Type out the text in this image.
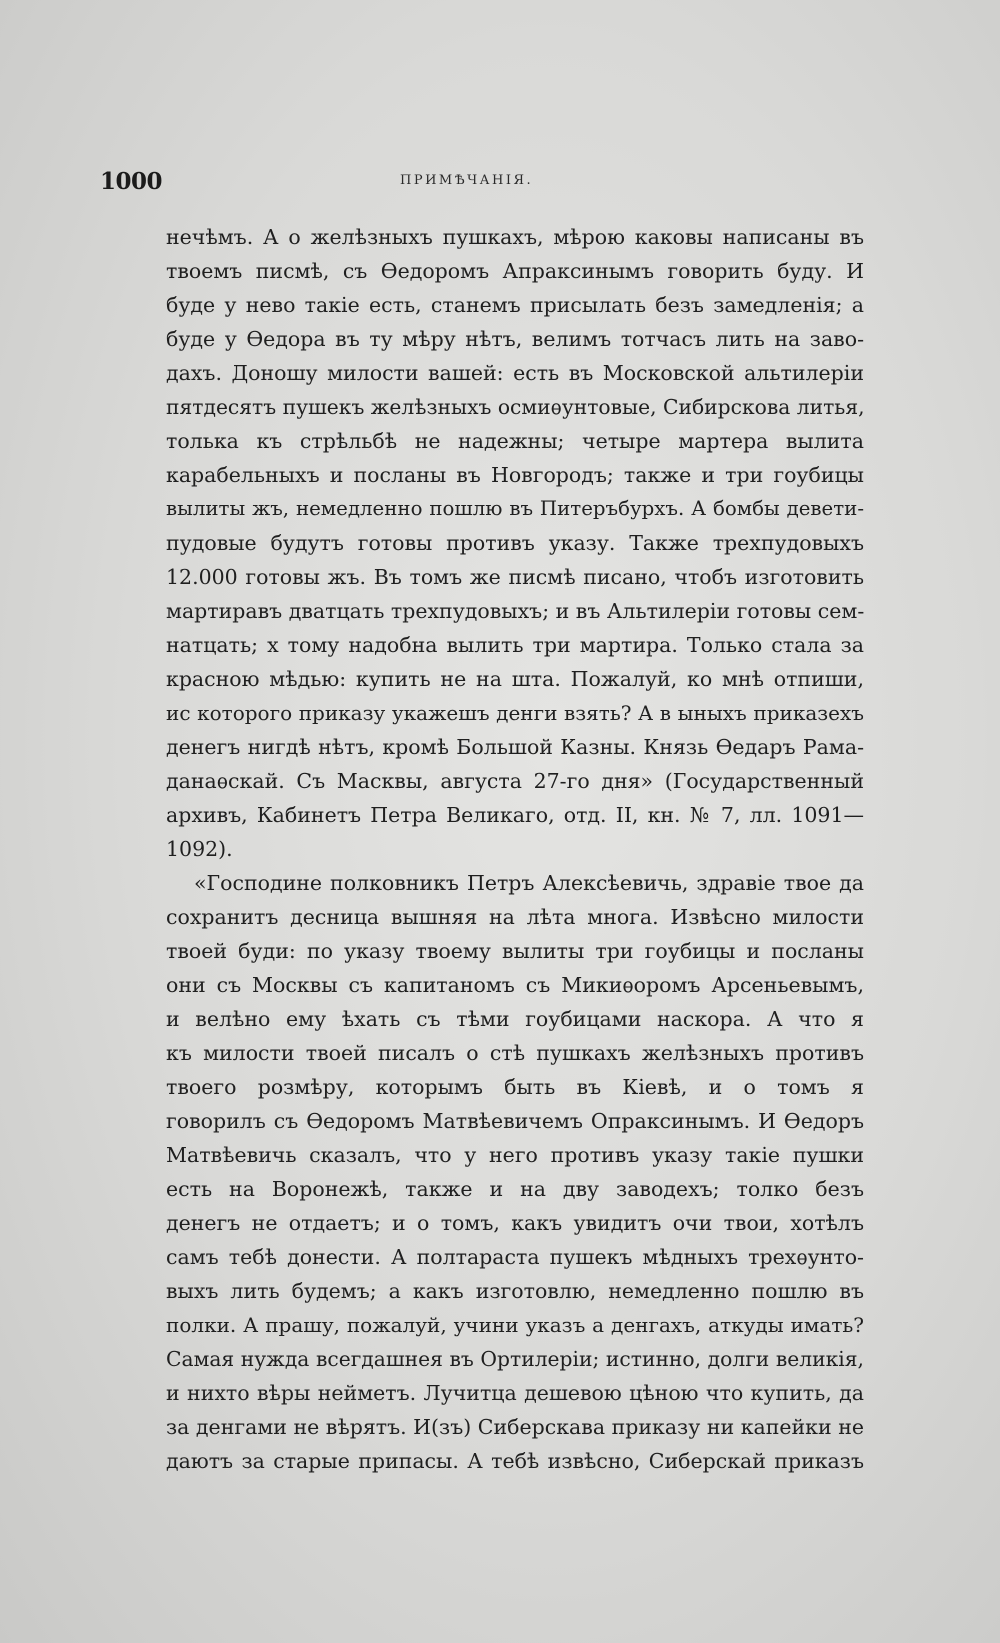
1000	ПРИМѢЧАНІЯ.
нечѣмъ. А о желѣзныхъ пушкахъ, мѣрою каковы написаны въ
твоемъ писмѣ, съ Ѳедоромъ Апраксинымъ говорить буду. И
буде у нево такіе есть, станемъ присылать безъ замедленія; а
буде у Ѳедора въ ту мѣру нѣтъ, велимъ тотчасъ лить на заво-
дахъ. Доношу милости вашей: есть въ Московской альтилеріи
пятдесятъ пушекъ желѣзныхъ осмиѳунтовые, Сибирскова литья,
толька къ стрѣльбѣ не надежны; четыре мартера вылита
карабельныхъ и посланы въ Новгородъ; также и три гоубицы
вылиты жъ, немедленно пошлю въ Питеръбурхъ. А бомбы девети-
пудовые будутъ готовы противъ указу. Также трехпудовыхъ
12.000 готовы жъ. Въ томъ же писмѣ писано, чтобъ изготовить
мартиравъ дватцать трехпудовыхъ; и въ Альтилеріи готовы сем-
натцать; х тому надобна вылить три мартира. Только стала за
красною мѣдью: купить не на шта. Пожалуй, ко мнѣ отпиши,
ис которого приказу укажешъ денги взять? А в ыныхъ приказехъ
денегъ нигдѣ нѣтъ, кромѣ Большой Казны. Князь Ѳедаръ Рама-
данаѳскай. Съ Масквы, августа 27-го дня» (Государственный
архивъ, Кабинетъ Петра Великаго, отд. II, кн. № 7, лл. 1091—
1092).
«Господине полковникъ Петръ Алексѣевичь, здравіе твое да
сохранитъ десница вышняя на лѣта многа. Извѣсно милости
твоей буди: по указу твоему вылиты три гоубицы и посланы
они съ Москвы съ капитаномъ съ Микиѳоромъ Арсеньевымъ,
и велѣно ему ѣхать съ тѣми гоубицами наскора. А что я
къ милости твоей писалъ о стѣ пушкахъ желѣзныхъ противъ
твоего розмѣру, которымъ быть въ Кіевѣ, и о томъ я
говорилъ съ Ѳедоромъ Матвѣевичемъ Опраксинымъ. И Ѳедоръ
Матвѣевичь сказалъ, что у него противъ указу такіе пушки
есть на Воронежѣ, также и на дву заводехъ; толко безъ
денегъ не отдаетъ; и о томъ, какъ увидитъ очи твои, хотѣлъ
самъ тебѣ донести. А полтараста пушекъ мѣдныхъ трехѳунто-
выхъ лить будемъ; а какъ изготовлю, немедленно пошлю въ
полки. А прашу, пожалуй, учини указъ а денгахъ, аткуды имать?
Самая нужда всегдашнея въ Ортилеріи; истинно, долги великія,
и нихто вѣры нейметъ. Лучитца дешевою цѣною что купить, да
за денгами не вѣрятъ. И(зъ) Сиберскава приказу ни капейки не
даютъ за старые припасы. А тебѣ извѣсно, Сиберскай приказъ
